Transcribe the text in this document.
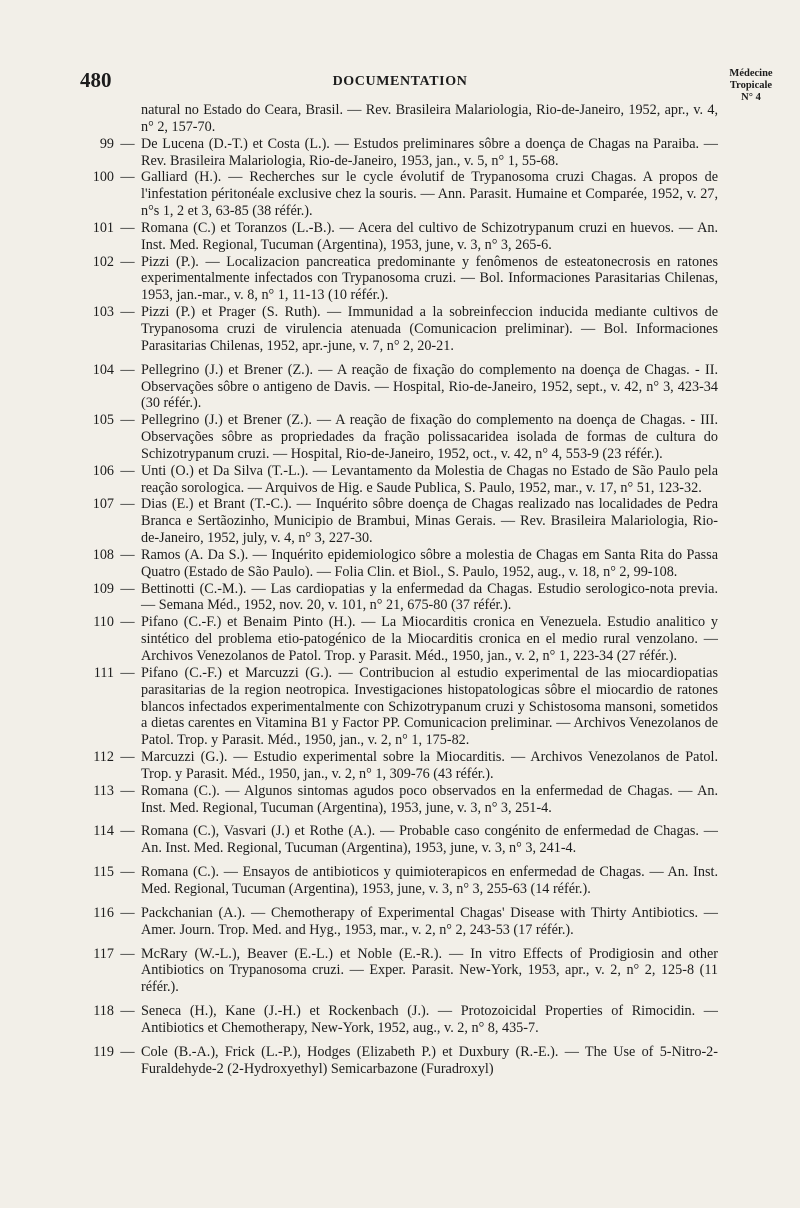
480	DOCUMENTATION
Médecine
Tropicale
N° 4
natural no Estado do Ceara, Brasil. — Rev. Brasileira Malariologia, Rio-de-Janeiro, 1952, apr., v. 4, n° 2, 157-70.
99 — De Lucena (D.-T.) et Costa (L.). — Estudos preliminares sôbre a doença de Chagas na Paraiba. — Rev. Brasileira Malariologia, Rio-de-Janeiro, 1953, jan., v. 5, n° 1, 55-68.
100 — Galliard (H.). — Recherches sur le cycle évolutif de Trypanosoma cruzi Chagas. A propos de l'infestation péritonéale exclusive chez la souris. — Ann. Parasit. Humaine et Comparée, 1952, v. 27, n°s 1, 2 et 3, 63-85 (38 référ.).
101 — Romana (C.) et Toranzos (L.-B.). — Acera del cultivo de Schizotrypanum cruzi en huevos. — An. Inst. Med. Regional, Tucuman (Argentina), 1953, june, v. 3, n° 3, 265-6.
102 — Pizzi (P.). — Localizacion pancreatica predominante y fenômenos de esteatonecrosis en ratones experimentalmente infectados con Trypanosoma cruzi. — Bol. Informaciones Parasitarias Chilenas, 1953, jan.-mar., v. 8, n° 1, 11-13 (10 référ.).
103 — Pizzi (P.) et Prager (S. Ruth). — Immunidad a la sobreinfeccion inducida mediante cultivos de Trypanosoma cruzi de virulencia atenuada (Comunicacion preliminar). — Bol. Informaciones Parasitarias Chilenas, 1952, apr.-june, v. 7, n° 2, 20-21.
104 — Pellegrino (J.) et Brener (Z.). — A reação de fixação do complemento na doença de Chagas. - II. Observações sôbre o antigeno de Davis. — Hospital, Rio-de-Janeiro, 1952, sept., v. 42, n° 3, 423-34 (30 référ.).
105 — Pellegrino (J.) et Brener (Z.). — A reação de fixação do complemento na doença de Chagas. - III. Observações sôbre as propriedades da fração polissacaridea isolada de formas de cultura do Schizotrypanum cruzi. — Hospital, Rio-de-Janeiro, 1952, oct., v. 42, n° 4, 553-9 (23 référ.).
106 — Unti (O.) et Da Silva (T.-L.). — Levantamento da Molestia de Chagas no Estado de São Paulo pela reação sorologica. — Arquivos de Hig. e Saude Publica, S. Paulo, 1952, mar., v. 17, n° 51, 123-32.
107 — Dias (E.) et Brant (T.-C.). — Inquérito sôbre doença de Chagas realizado nas localidades de Pedra Branca e Sertãozinho, Municipio de Brambui, Minas Gerais. — Rev. Brasileira Malariologia, Rio-de-Janeiro, 1952, july, v. 4, n° 3, 227-30.
108 — Ramos (A. Da S.). — Inquérito epidemiologico sôbre a molestia de Chagas em Santa Rita do Passa Quatro (Estado de São Paulo). — Folia Clin. et Biol., S. Paulo, 1952, aug., v. 18, n° 2, 99-108.
109 — Bettinotti (C.-M.). — Las cardiopatias y la enfermedad da Chagas. Estudio serologico-nota previa. — Semana Méd., 1952, nov. 20, v. 101, n° 21, 675-80 (37 référ.).
110 — Pifano (C.-F.) et Benaim Pinto (H.). — La Miocarditis cronica en Venezuela. Estudio analitico y sintético del problema etio-patogénico de la Miocarditis cronica en el medio rural venzolano. — Archivos Venezolanos de Patol. Trop. y Parasit. Méd., 1950, jan., v. 2, n° 1, 223-34 (27 référ.).
111 — Pifano (C.-F.) et Marcuzzi (G.). — Contribucion al estudio experimental de las miocardiopatias parasitarias de la region neotropica. Investigaciones histopatologicas sôbre el miocardio de ratones blancos infectados experimentalmente con Schizotrypanum cruzi y Schistosoma mansoni, sometidos a dietas carentes en Vitamina B1 y Factor PP. Comunicacion preliminar. — Archivos Venezolanos de Patol. Trop. y Parasit. Méd., 1950, jan., v. 2, n° 1, 175-82.
112 — Marcuzzi (G.). — Estudio experimental sobre la Miocarditis. — Archivos Venezolanos de Patol. Trop. y Parasit. Méd., 1950, jan., v. 2, n° 1, 309-76 (43 référ.).
113 — Romana (C.). — Algunos sintomas agudos poco observados en la enfermedad de Chagas. — An. Inst. Med. Regional, Tucuman (Argentina), 1953, june, v. 3, n° 3, 251-4.
114 — Romana (C.), Vasvari (J.) et Rothe (A.). — Probable caso congénito de enfermedad de Chagas. — An. Inst. Med. Regional, Tucuman (Argentina), 1953, june, v. 3, n° 3, 241-4.
115 — Romana (C.). — Ensayos de antibioticos y quimioterapicos en enfermedad de Chagas. — An. Inst. Med. Regional, Tucuman (Argentina), 1953, june, v. 3, n° 3, 255-63 (14 référ.).
116 — Packchanian (A.). — Chemotherapy of Experimental Chagas' Disease with Thirty Antibiotics. — Amer. Journ. Trop. Med. and Hyg., 1953, mar., v. 2, n° 2, 243-53 (17 référ.).
117 — McRary (W.-L.), Beaver (E.-L.) et Noble (E.-R.). — In vitro Effects of Prodigiosin and other Antibiotics on Trypanosoma cruzi. — Exper. Parasit. New-York, 1953, apr., v. 2, n° 2, 125-8 (11 référ.).
118 — Seneca (H.), Kane (J.-H.) et Rockenbach (J.). — Protozoicidal Properties of Rimocidin. — Antibiotics et Chemotherapy, New-York, 1952, aug., v. 2, n° 8, 435-7.
119 — Cole (B.-A.), Frick (L.-P.), Hodges (Elizabeth P.) et Duxbury (R.-E.). — The Use of 5-Nitro-2-Furaldehyde-2 (2-Hydroxyethyl) Semicarbazone (Furadroxyl)
